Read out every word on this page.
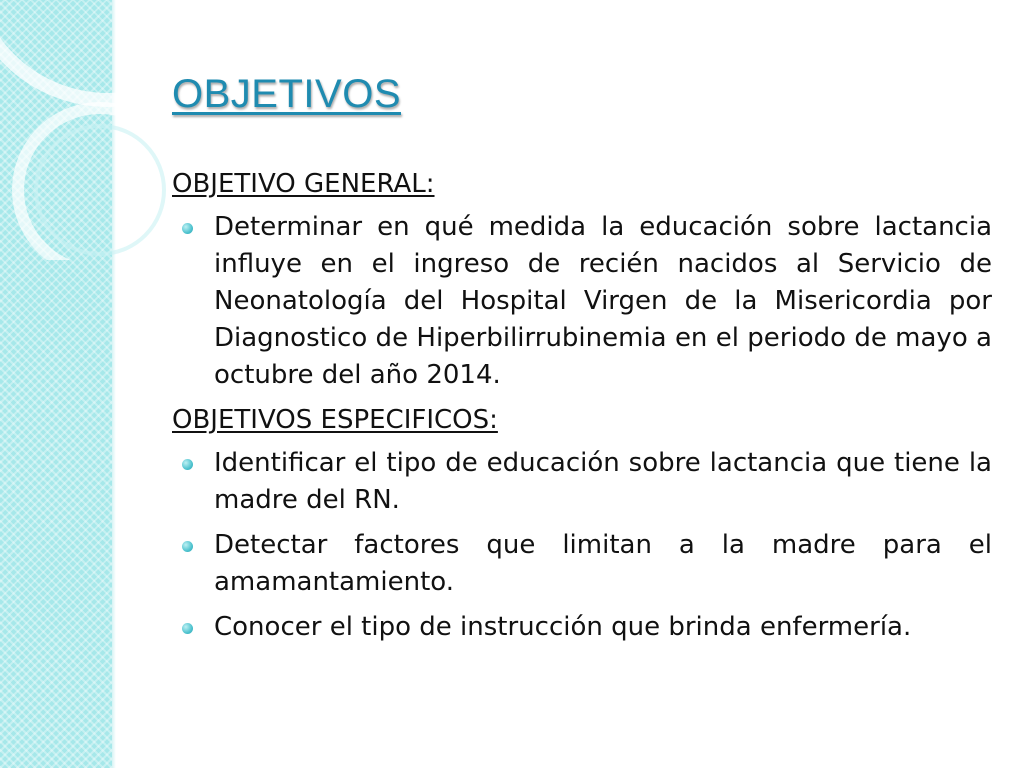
OBJETIVOS

OBJETIVO GENERAL:

Determinar en qué medida la educación sobre lactancia influye en el ingreso de recién nacidos al Servicio de Neonatología del Hospital Virgen de la Misericordia por Diagnostico de Hiperbilirrubinemia en el periodo de mayo a octubre del año 2014.

OBJETIVOS ESPECIFICOS:

Identificar el tipo de educación sobre lactancia que tiene la madre del RN.
Detectar factores que limitan a la madre para el amamantamiento.
Conocer el tipo de instrucción que brinda enfermería.
